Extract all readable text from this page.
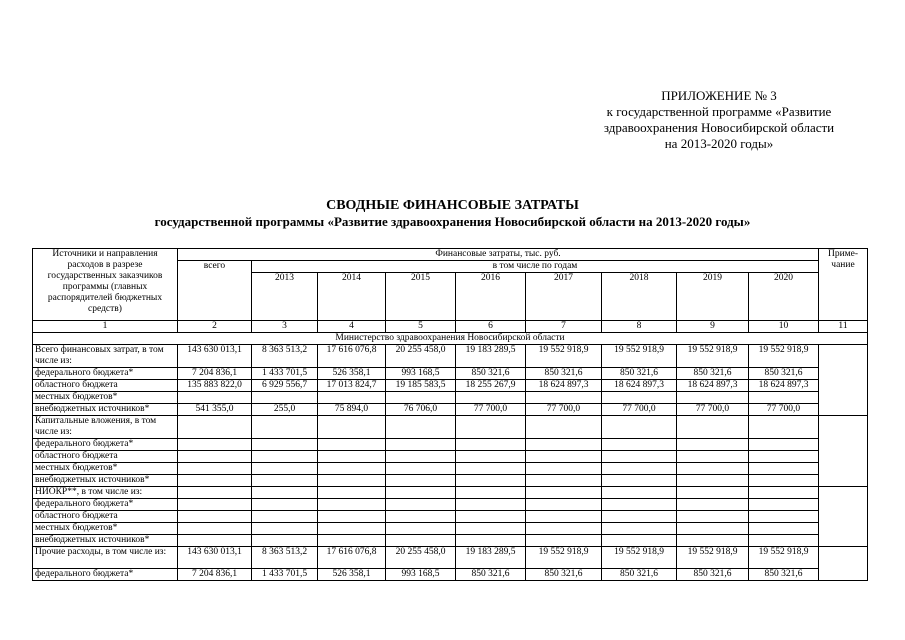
ПРИЛОЖЕНИЕ № 3
к государственной программе «Развитие
здравоохранения Новосибирской области
на 2013-2020 годы»
СВОДНЫЕ ФИНАНСОВЫЕ ЗАТРАТЫ
государственной программы «Развитие здравоохранения Новосибирской области на 2013-2020 годы»
Источники и направления расходов в разрезе государственных заказчиков программы (главных распорядителей бюджетных средств)	Финансовые затраты, тыс. руб.									Приме-чание
	всего	в том числе по годам								
		2013	2014	2015	2016	2017	2018	2019	2020	
1	2	3	4	5	6	7	8	9	10	11
Министерство здравоохранения Новосибирской области										
Всего финансовых затрат, в том числе из:	143 630 013,1	8 363 513,2	17 616 076,8	20 255 458,0	19 183 289,5	19 552 918,9	19 552 918,9	19 552 918,9	19 552 918,9	
федерального бюджета*	7 204 836,1	1 433 701,5	526 358,1	993 168,5	850 321,6	850 321,6	850 321,6	850 321,6	850 321,6	
областного бюджета	135 883 822,0	6 929 556,7	17 013 824,7	19 185 583,5	18 255 267,9	18 624 897,3	18 624 897,3	18 624 897,3	18 624 897,3	
местных бюджетов*										
внебюджетных источников*	541 355,0	255,0	75 894,0	76 706,0	77 700,0	77 700,0	77 700,0	77 700,0	77 700,0	
Капитальные вложения, в том числе из:										
федерального бюджета*										
областного бюджета										
местных бюджетов*										
внебюджетных источников*										
НИОКР**, в том числе из:										
федерального бюджета*										
областного бюджета										
местных бюджетов*										
внебюджетных источников*										
Прочие расходы, в том числе из:	143 630 013,1	8 363 513,2	17 616 076,8	20 255 458,0	19 183 289,5	19 552 918,9	19 552 918,9	19 552 918,9	19 552 918,9	
федерального бюджета*	7 204 836,1	1 433 701,5	526 358,1	993 168,5	850 321,6	850 321,6	850 321,6	850 321,6	850 321,6	
